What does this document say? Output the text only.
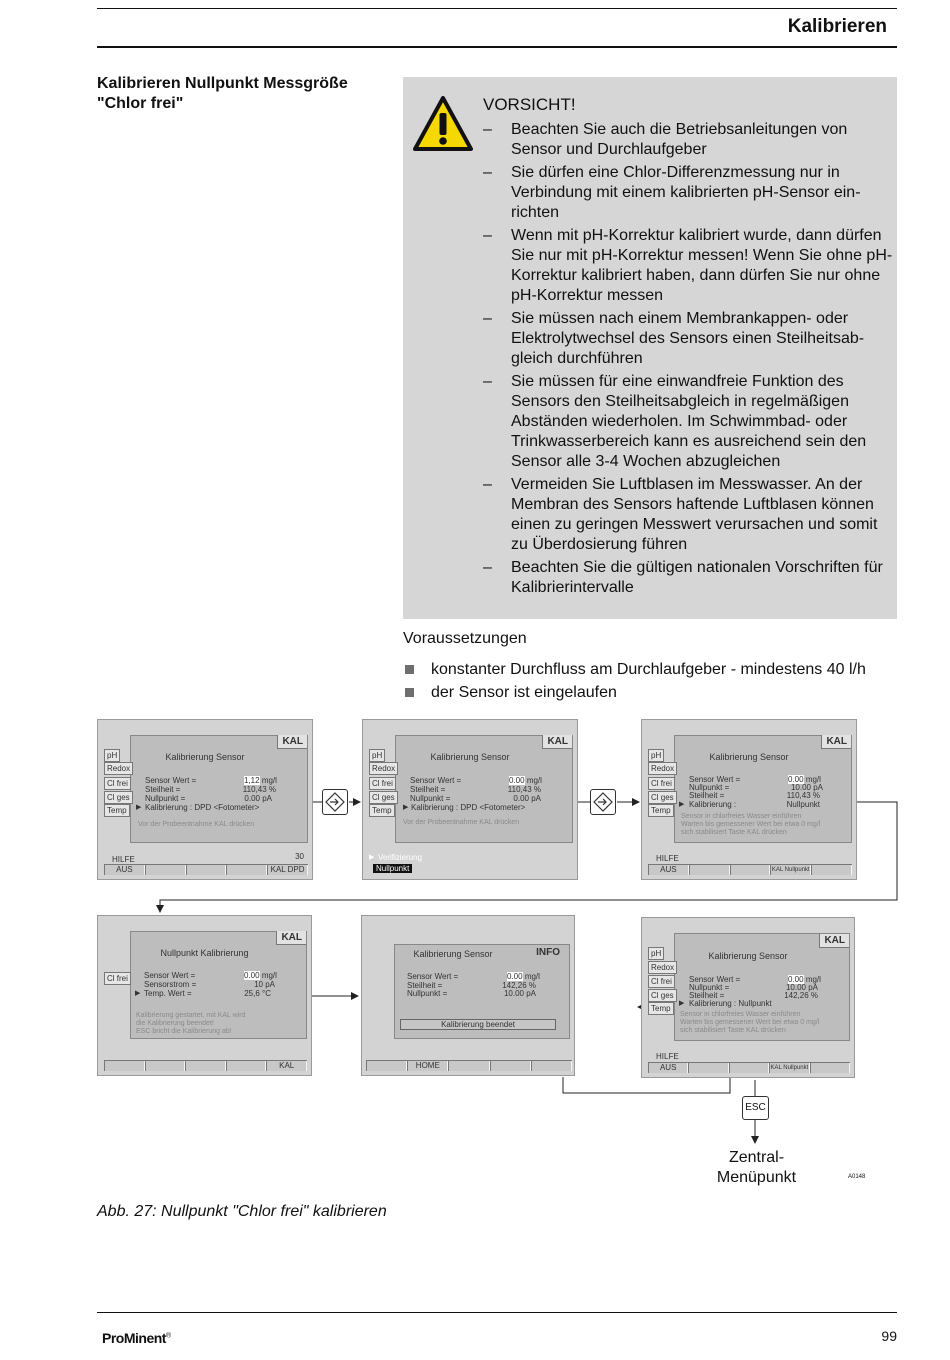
Kalibrieren
Kalibrieren Nullpunkt Messgröße
"Chlor frei"	VORSICHT!
– Beachten Sie auch die Betriebsanleitungen von Sensor und Durchlaufgeber
– Sie dürfen eine Chlor-Differenzmessung nur in Verbindung mit einem kalibrierten pH-Sensor einrichten
– Wenn mit pH-Korrektur kalibriert wurde, dann dürfen Sie nur mit pH-Korrektur messen! Wenn Sie ohne pH-Korrektur kalibriert haben, dann dürfen Sie nur ohne pH-Korrektur messen
– Sie müssen nach einem Membrankappen- oder Elektrolytwechsel des Sensors einen Steilheitsabgleich durchführen
– Sie müssen für eine einwandfreie Funktion des Sensors den Steilheitsabgleich in regelmäßigen Abständen wiederholen. Im Schwimmbad- oder Trinkwasserbereich kann es ausreichend sein den Sensor alle 3-4 Wochen abzugleichen
– Vermeiden Sie Luftblasen im Messwasser. An der Membran des Sensors haftende Luftblasen können einen zu geringen Messwert verursachen und somit zu Überdosierung führen
– Beachten Sie die gültigen nationalen Vorschriften für Kalibrierintervalle
Voraussetzungen
konstanter Durchfluss am Durchlaufgeber - mindestens 40 l/h
der Sensor ist eingelaufen
KAL
Kalibrierung Sensor
pH
Redox
Cl frei
Cl ges
Temp
Sensor Wert =	1,12 mg/l
Steilheit =	110,43 %
Nullpunkt =	0.00 pA
▶ Kalibrierung : DPD <Fotometer>
Vor der Probeentnahme KAL drücken
HILFE	30
AUS	KAL DPD
KAL
Kalibrierung Sensor
pH
Redox
Cl frei
Cl ges
Temp
Sensor Wert =	0.00 mg/l
Steilheit =	110,43 %
Nullpunkt =	0.00 pA
▶ Kalibrierung : DPD <Fotometer>
Vor der Probeentnahme KAL drücken
▶ Verifizierung
Nullpunkt
KAL
Kalibrierung Sensor
pH
Redox
Cl frei
Cl ges
Temp
Sensor Wert =	0.00 mg/l
Nullpunkt =	10.00 pA
Steilheit =	110,43 %
▶ Kalibrierung :	Nullpunkt
Sensor in chlorfreies Wasser einführen
Warten bis gemessener Wert bei etwa 0 mg/l
sich stabilisiert Taste KAL drücken
HILFE
AUS	KAL Nullpunkt
KAL
Nullpunkt Kalibrierung
Cl frei	Sensor Wert =	0.00 mg/l
Sensorstrom =	10 pA
▶ Temp. Wert =	25,6 °C
Kalibrierung gestartet, mit KAL wird
die Kalibrierung beendet!
ESC bricht die Kalibrierung ab!
KAL
INFO
Kalibrierung Sensor
Sensor Wert =	0.00 mg/l
Steilheit =	142,26 %
Nullpunkt =	10.00 pA
Kalibrierung beendet
HOME
KAL
Kalibrierung Sensor
pH
Redox
Cl frei
Cl ges
Temp
Sensor Wert =	0.00 mg/l
Nullpunkt =	10.00 pA
Steilheit =	142,26 %
▶ Kalibrierung : Nullpunkt
Sensor in chlorfreies Wasser einführen
Warten bis gemessener Wert bei etwa 0 mg/l
sich stabilisiert Taste KAL drücken
HILFE
AUS	KAL Nullpunkt
ESC
Zentral-
Menüpunkt	A0148
Abb. 27: Nullpunkt "Chlor frei" kalibrieren
ProMinent®	99
